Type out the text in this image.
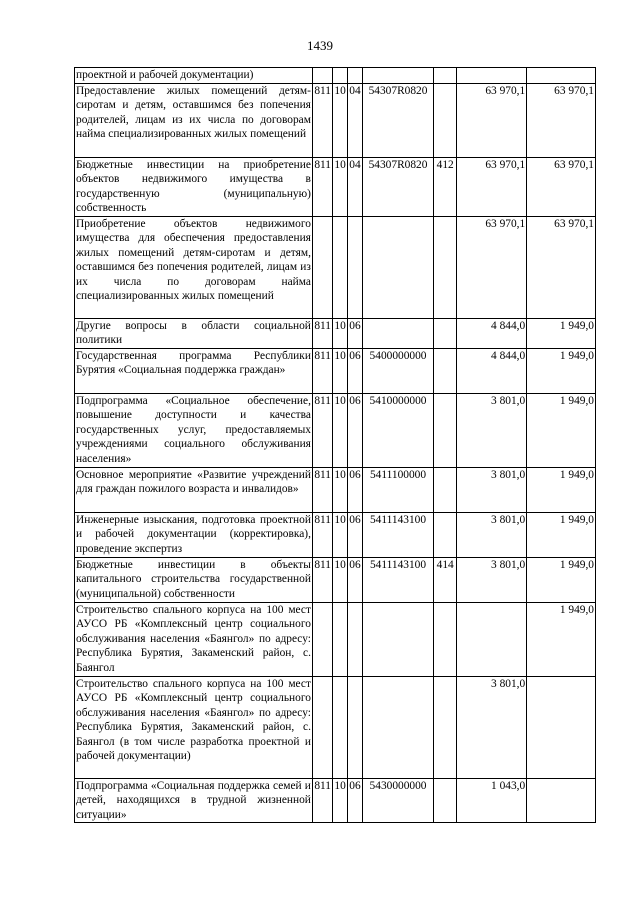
1439
проектной и рабочей документации)							
Предоставление жилых помещений детям-сиротам и детям, оставшимся без попечения родителей, лицам из их числа по договорам найма специализированных жилых помещений	811	10	04	54307R0820		63 970,1	63 970,1
Бюджетные инвестиции на приобретение объектов недвижимого имущества в государственную (муниципальную) собственность	811	10	04	54307R0820	412	63 970,1	63 970,1
Приобретение объектов недвижимого имущества для обеспечения предоставления жилых помещений детям-сиротам и детям, оставшимся без попечения родителей, лицам из их числа по договорам найма специализированных жилых помещений						63 970,1	63 970,1
Другие вопросы в области социальной политики	811	10	06			4 844,0	1 949,0
Государственная программа Республики Бурятия «Социальная поддержка граждан»	811	10	06	5400000000		4 844,0	1 949,0
Подпрограмма «Социальное обеспечение, повышение доступности и качества государственных услуг, предоставляемых учреждениями социального обслуживания населения»	811	10	06	5410000000		3 801,0	1 949,0
Основное мероприятие «Развитие учреждений для граждан пожилого возраста и инвалидов»	811	10	06	5411100000		3 801,0	1 949,0
Инженерные изыскания, подготовка проектной и рабочей документации (корректировка), проведение экспертиз	811	10	06	5411143100		3 801,0	1 949,0
Бюджетные инвестиции в объекты капитального строительства государственной (муниципальной) собственности	811	10	06	5411143100	414	3 801,0	1 949,0
Строительство спального корпуса на 100 мест АУСО РБ «Комплексный центр социального обслуживания населения «Баянгол» по адресу: Республика Бурятия, Закаменский район, с. Баянгол							1 949,0
Строительство спального корпуса на 100 мест АУСО РБ «Комплексный центр социального обслуживания населения «Баянгол» по адресу: Республика Бурятия, Закаменский район, с. Баянгол (в том числе разработка проектной и рабочей документации)						3 801,0	
Подпрограмма «Социальная поддержка семей и детей, находящихся в трудной жизненной ситуации»	811	10	06	5430000000		1 043,0	
